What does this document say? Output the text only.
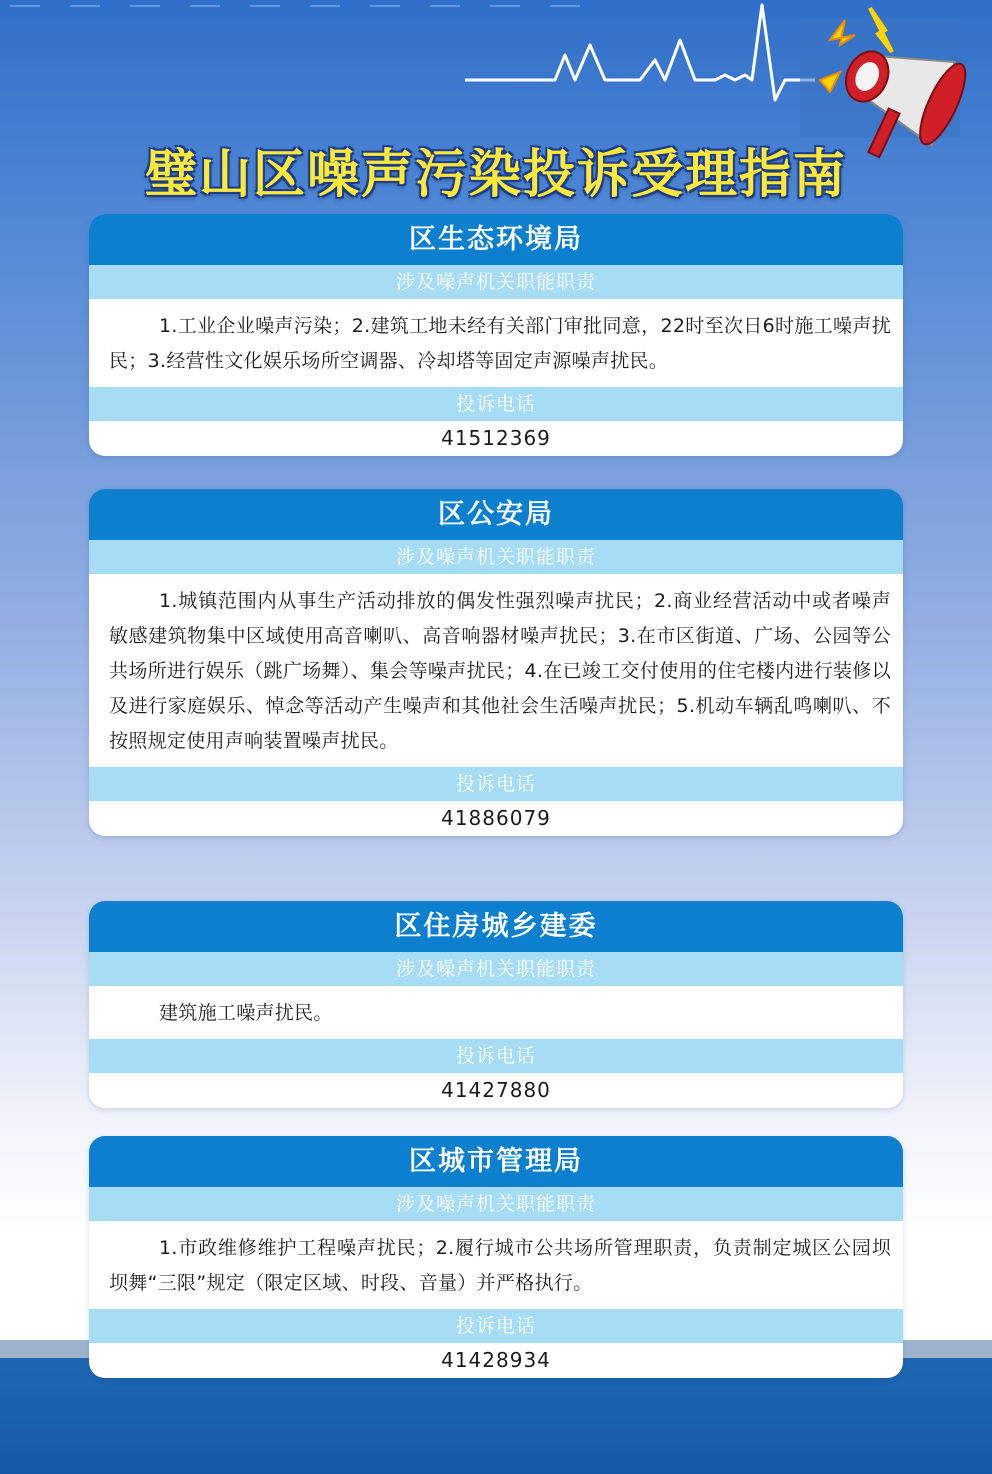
璧山区噪声污染投诉受理指南
区生态环境局
涉及噪声机关职能职责

1.工业企业噪声污染；2.建筑工地未经有关部门审批同意，22时至次日6时施工噪声扰民；3.经营性文化娱乐场所空调器、冷却塔等固定声源噪声扰民。

投诉电话
41512369
区公安局
涉及噪声机关职能职责

1.城镇范围内从事生产活动排放的偶发性强烈噪声扰民；2.商业经营活动中或者噪声敏感建筑物集中区域使用高音喇叭、高音响器材噪声扰民；3.在市区街道、广场、公园等公共场所进行娱乐（跳广场舞）、集会等噪声扰民；4.在已竣工交付使用的住宅楼内进行装修以及进行家庭娱乐、悼念等活动产生噪声和其他社会生活噪声扰民；5.机动车辆乱鸣喇叭、不按照规定使用声响装置噪声扰民。

投诉电话
41886079
区住房城乡建委
涉及噪声机关职能职责

建筑施工噪声扰民。

投诉电话
41427880
区城市管理局
涉及噪声机关职能职责

1.市政维修维护工程噪声扰民；2.履行城市公共场所管理职责，负责制定城区公园坝坝舞“三限”规定（限定区域、时段、音量）并严格执行。

投诉电话
41428934
